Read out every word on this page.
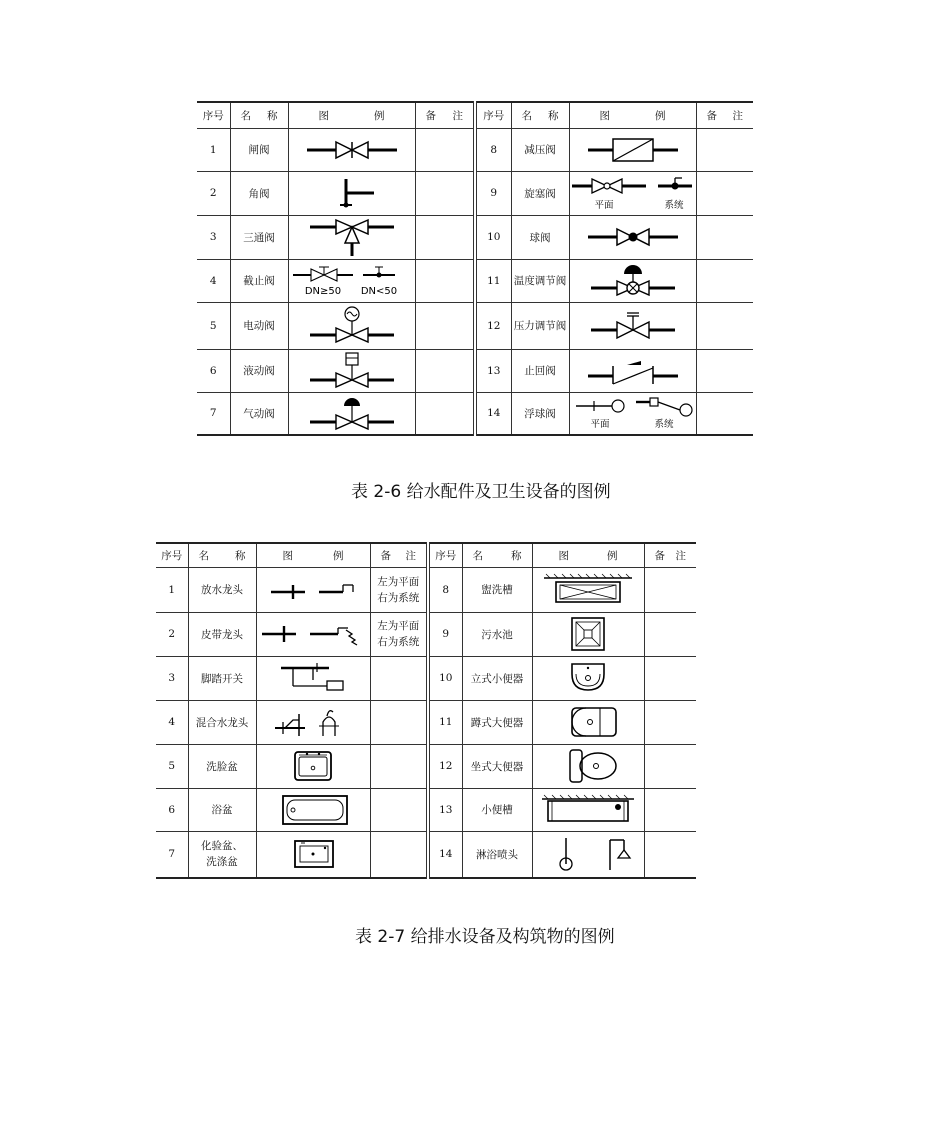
序号	名 称	图 例	备 注	序号	名 称	图 例	备 注

1	闸阀			8	减压阀	

2	角阀			9	旋塞阀	平面 系统	

3	三通阀			10	球阀	

4	截止阀	DN≥50 DN<50		11	温度调节阀	

5	电动阀			12	压力调节阀	

6	液动阀			13	止回阀	

7	气动阀			14	浮球阀	平面 系统	

表 2-6 给水配件及卫生设备的图例
序号	名 称	图 例	备 注	序号	名 称	图 例	备 注

1	放水龙头		左为平面
右为系统	8	盥洗槽	

2	皮带龙头		左为平面
右为系统	9	污水池	

3	脚踏开关			10	立式小便器	

4	混合水龙头			11	蹲式大便器	

5	洗脸盆			12	坐式大便器	

6	浴盆			13	小便槽	

7	化验盆、
洗涤盆			14	淋浴喷头	

表 2-7 给排水设备及构筑物的图例
